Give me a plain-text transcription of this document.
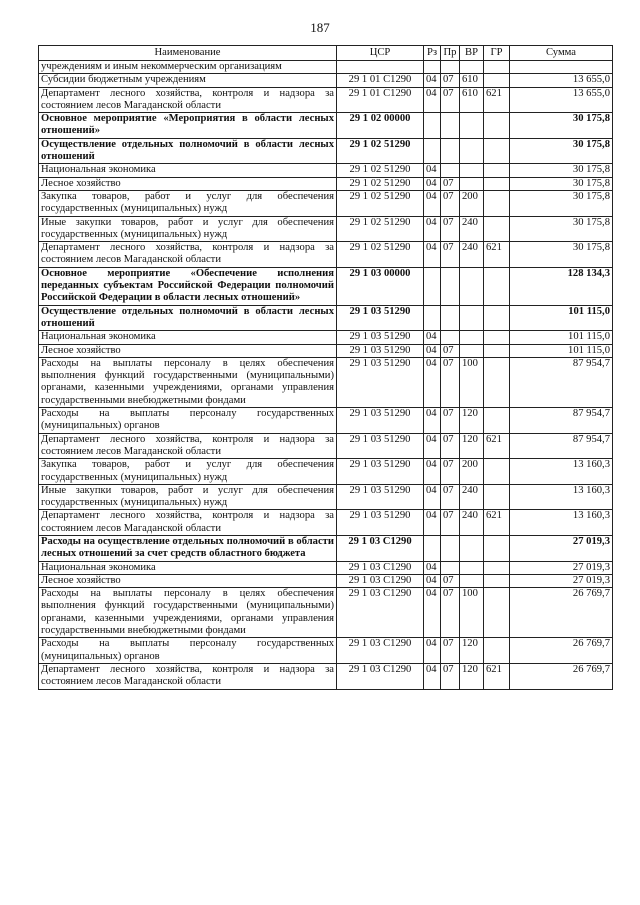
187
Наименование	ЦСР	Рз	Пр	ВР	ГР	Сумма
учреждениям и иным некоммерческим организациям						
Субсидии бюджетным учреждениям	29 1 01 С1290	04	07	610		13 655,0
Департамент лесного хозяйства, контроля и надзора за состоянием лесов Магаданской области	29 1 01 С1290	04	07	610	621	13 655,0
Основное мероприятие «Мероприятия в области лесных отношений»	29 1 02 00000					30 175,8
Осуществление отдельных полномочий в области лесных отношений	29 1 02 51290					30 175,8
Национальная экономика	29 1 02 51290	04				30 175,8
Лесное хозяйство	29 1 02 51290	04	07			30 175,8
Закупка товаров, работ и услуг для обеспечения государственных (муниципальных) нужд	29 1 02 51290	04	07	200		30 175,8
Иные закупки товаров, работ и услуг для обеспечения государственных (муниципальных) нужд	29 1 02 51290	04	07	240		30 175,8
Департамент лесного хозяйства, контроля и надзора за состоянием лесов Магаданской области	29 1 02 51290	04	07	240	621	30 175,8
Основное мероприятие «Обеспечение исполнения переданных субъектам Российской Федерации полномочий Российской Федерации в области лесных отношений»	29 1 03 00000					128 134,3
Осуществление отдельных полномочий в области лесных отношений	29 1 03 51290					101 115,0
Национальная экономика	29 1 03 51290	04				101 115,0
Лесное хозяйство	29 1 03 51290	04	07			101 115,0
Расходы на выплаты персоналу в целях обеспечения выполнения функций государственными (муниципальными) органами, казенными учреждениями, органами управления государственными внебюджетными фондами	29 1 03 51290	04	07	100		87 954,7
Расходы на выплаты персоналу государственных (муниципальных) органов	29 1 03 51290	04	07	120		87 954,7
Департамент лесного хозяйства, контроля и надзора за состоянием лесов Магаданской области	29 1 03 51290	04	07	120	621	87 954,7
Закупка товаров, работ и услуг для обеспечения государственных (муниципальных) нужд	29 1 03 51290	04	07	200		13 160,3
Иные закупки товаров, работ и услуг для обеспечения государственных (муниципальных) нужд	29 1 03 51290	04	07	240		13 160,3
Департамент лесного хозяйства, контроля и надзора за состоянием лесов Магаданской области	29 1 03 51290	04	07	240	621	13 160,3
Расходы на осуществление отдельных полномочий в области лесных отношений за счет средств областного бюджета	29 1 03 С1290					27 019,3
Национальная экономика	29 1 03 С1290	04				27 019,3
Лесное хозяйство	29 1 03 С1290	04	07			27 019,3
Расходы на выплаты персоналу в целях обеспечения выполнения функций государственными (муниципальными) органами, казенными учреждениями, органами управления государственными внебюджетными фондами	29 1 03 С1290	04	07	100		26 769,7
Расходы на выплаты персоналу государственных (муниципальных) органов	29 1 03 С1290	04	07	120		26 769,7
Департамент лесного хозяйства, контроля и надзора за состоянием лесов Магаданской области	29 1 03 С1290	04	07	120	621	26 769,7
